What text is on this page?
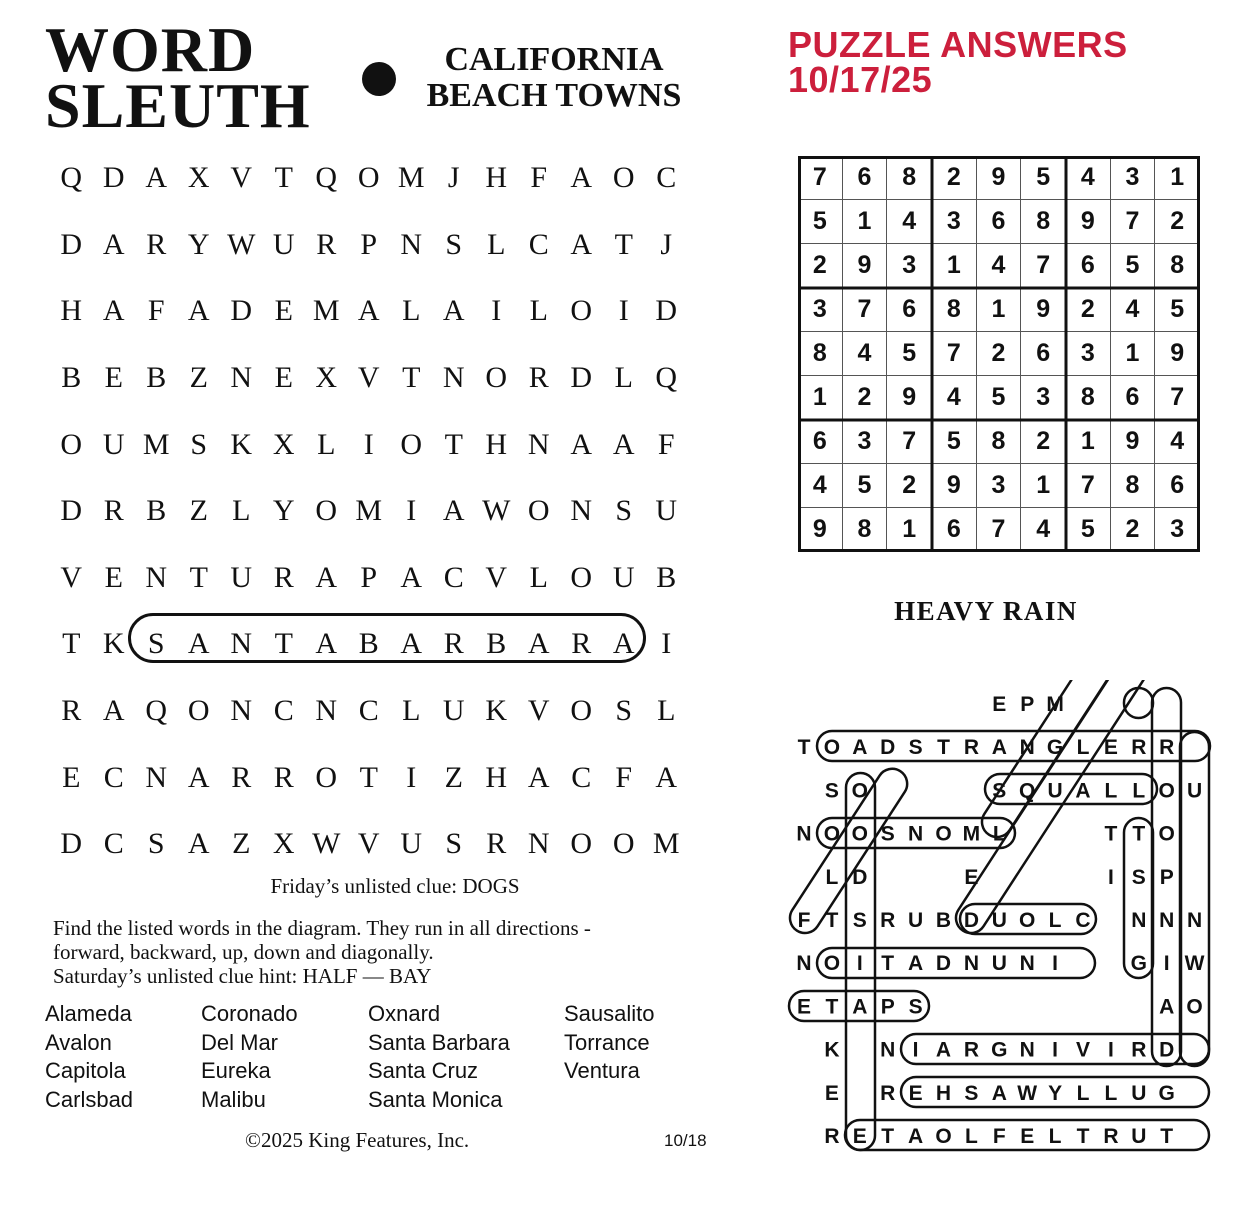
WORD
SLEUTH
CALIFORNIA
BEACH TOWNS
Q D A X V T Q O M J H F A O C
D A R Y W U R P N S L C A T J
H A F A D E M A L A I L O I D
B E B Z N E X V T N O R D L Q
O U M S K X L I O T H N A A F
D R B Z L Y O M I A W O N S U
V E N T U R A P A C V L O U B
T K S A N T A B A R B A R A I
R A Q O N C N C L U K V O S L
E C N A R R O T I Z H A C F A
D C S A Z X W V U S R N O O M
Friday’s unlisted clue: DOGS
Find the listed words in the diagram. They run in all directions -
forward, backward, up, down and diagonally.
Saturday’s unlisted clue hint: HALF — BAY
Alameda
Avalon
Capitola
Carlsbad
Coronado
Del Mar
Eureka
Malibu
Oxnard
Santa Barbara
Santa Cruz
Santa Monica
Sausalito
Torrance
Ventura
©2025 King Features, Inc.	10/18
PUZZLE ANSWERS
10/17/25
7	6	8	2	9	5	4	3	1
5	1	4	3	6	8	9	7	2
2	9	3	1	4	7	6	5	8
3	7	6	8	1	9	2	4	5
8	4	5	7	2	6	3	1	9
1	2	9	4	5	3	8	6	7
6	3	7	5	8	2	1	9	4
4	5	2	9	3	1	7	8	6
9	8	1	6	7	4	5	2	3
HEAVY RAIN
E P M
T O A D S T R A N G L E R R
S O	S Q U A L L O U
N O O S N O M L	T T O
L D	E	I S P
F T S R U B D U O L C N N N
N O I T A D N U N I	G I W
E T A P S	A O
K N I A R G N I V I R D
E R E H S A W Y L L U G
R E T A O L F E L T R U T
